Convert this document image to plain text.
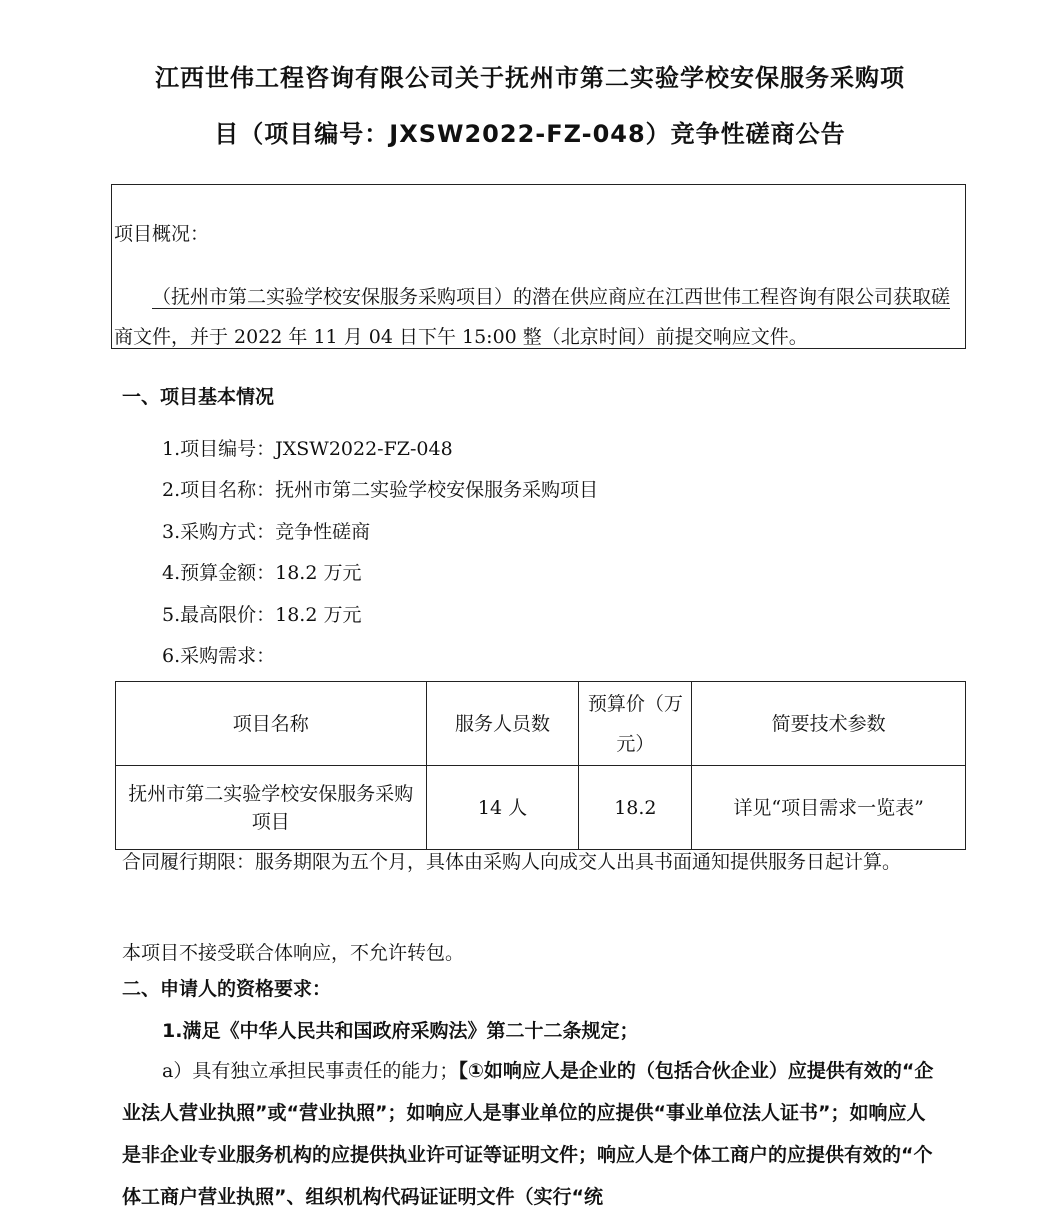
江西世伟工程咨询有限公司关于抚州市第二实验学校安保服务采购项
目（项目编号：JXSW2022-FZ-048）竞争性磋商公告
项目概况：
（抚州市第二实验学校安保服务采购项目）的潜在供应商应在江西世伟工程咨询有限公司获取磋商文件，并于 2022 年 11 月 04 日下午 15:00 整（北京时间）前提交响应文件。
一、项目基本情况
1.项目编号：JXSW2022-FZ-048
2.项目名称：抚州市第二实验学校安保服务采购项目
3.采购方式：竞争性磋商
4.预算金额：18.2 万元
5.最高限价：18.2 万元
6.采购需求：
项目名称	服务人员数	预算价（万元）	简要技术参数
抚州市第二实验学校安保服务采购项目	14 人	18.2	详见“项目需求一览表”
合同履行期限：服务期限为五个月，具体由采购人向成交人出具书面通知提供服务日起计算。
本项目不接受联合体响应，不允许转包。
二、申请人的资格要求：
1.满足《中华人民共和国政府采购法》第二十二条规定；
a）具有独立承担民事责任的能力；【①如响应人是企业的（包括合伙企业）应提供有效的“企业法人营业执照”或“营业执照”；如响应人是事业单位的应提供“事业单位法人证书”；如响应人是非企业专业服务机构的应提供执业许可证等证明文件；响应人是个体工商户的应提供有效的“个体工商户营业执照”、组织机构代码证证明文件（实行“统
